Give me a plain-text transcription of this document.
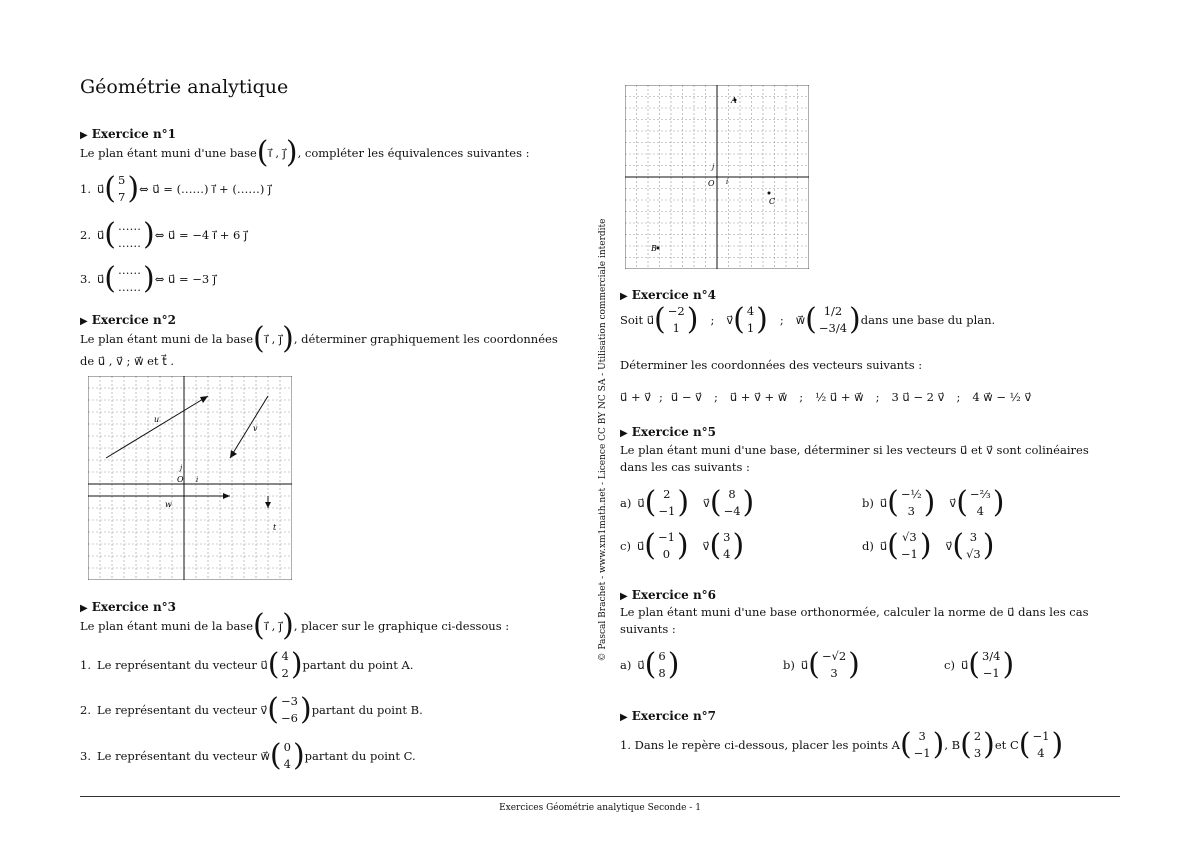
Géométrie analytique
▶ Exercice n°1
Le plan étant muni d'une base ( i⃗ , j⃗ ) , compléter les équivalences suivantes :
1. u⃗ ( 5
7 ) ⇔ u⃗ = (……) i⃗ + (……) j⃗
2. u⃗ ( ……
…… ) ⇔ u⃗ = −4 i⃗ + 6 j⃗
3. u⃗ ( ……
…… ) ⇔ u⃗ = −3 j⃗
▶ Exercice n°2
Le plan étant muni de la base ( i⃗ , j⃗ ) , déterminer graphiquement les coordonnées
de u⃗ , v⃗ ; w⃗ et t⃗ .
O i
j
u
v
w
t
▶ Exercice n°3
Le plan étant muni de la base ( i⃗ , j⃗ ) , placer sur le graphique ci-dessous :
1. Le représentant du vecteur u⃗ ( 4
2 ) partant du point A.
2. Le représentant du vecteur v⃗ ( −3
−6 ) partant du point B.
3. Le représentant du vecteur w⃗ ( 0
4 ) partant du point C.
O i
j
A
C
B
▶ Exercice n°4
Soit u⃗ ( −2
1 ) ; v⃗ ( 4
1 ) ; w⃗ ( 1/2
−3/4 ) dans une base du plan.
Déterminer les coordonnées des vecteurs suivants :
u⃗ + v⃗ ; u⃗ − v⃗ ; u⃗ + v⃗ + w⃗ ; ½ u⃗ + w⃗ ; 3 u⃗ − 2 v⃗ ; 4 w⃗ − ½ v⃗
▶ Exercice n°5
Le plan étant muni d'une base, déterminer si les vecteurs u⃗ et v⃗ sont colinéaires
dans les cas suivants :
a) u⃗ ( 2
−1 ) v⃗ ( 8
−4 )	b) u⃗ ( −½
3 ) v⃗ ( −⅔
4 )
c) u⃗ ( −1
0 ) v⃗ ( 3
4 )	d) u⃗ ( √3
−1 ) v⃗ ( 3
√3 )
▶ Exercice n°6
Le plan étant muni d'une base orthonormée, calculer la norme de u⃗ dans les cas
suivants :
a) u⃗ ( 6
8 )	b) u⃗ ( −√2
3 )	c) u⃗ ( 3/4
−1 )
▶ Exercice n°7
1. Dans le repère ci-dessous, placer les points A ( 3
−1 ) , B ( 2
3 ) et C ( −1
4 )
© Pascal Brachet - www.xm1math.net - Licence CC BY NC SA - Utilisation commerciale interdite
Exercices Géométrie analytique Seconde - 1
